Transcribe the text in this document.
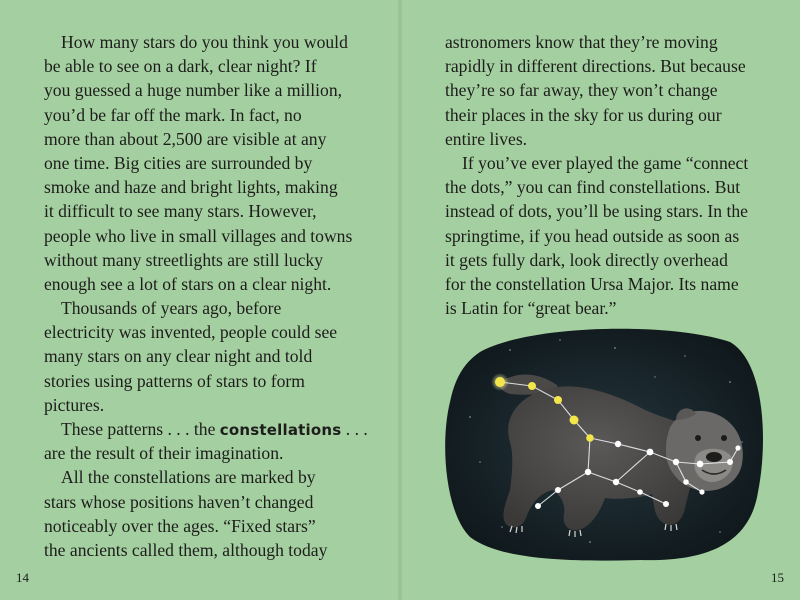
How many stars do you think you would
be able to see on a dark, clear night? If
you guessed a huge number like a million,
you’d be far off the mark. In fact, no
more than about 2,500 are visible at any
one time. Big cities are surrounded by
smoke and haze and bright lights, making
it difficult to see many stars. However,
people who live in small villages and towns
without many streetlights are still lucky
enough see a lot of stars on a clear night.
Thousands of years ago, before
electricity was invented, people could see
many stars on any clear night and told
stories using patterns of stars to form
pictures.
These patterns . . . the constellations . . .
are the result of their imagination.
All the constellations are marked by
stars whose positions haven’t changed
noticeably over the ages. “Fixed stars”
the ancients called them, although today
14
astronomers know that they’re moving
rapidly in different directions. But because
they’re so far away, they won’t change
their places in the sky for us during our
entire lives.
If you’ve ever played the game “connect
the dots,” you can find constellations. But
instead of dots, you’ll be using stars. In the
springtime, if you head outside as soon as
it gets fully dark, look directly overhead
for the constellation Ursa Major. Its name
is Latin for “great bear.”
15
